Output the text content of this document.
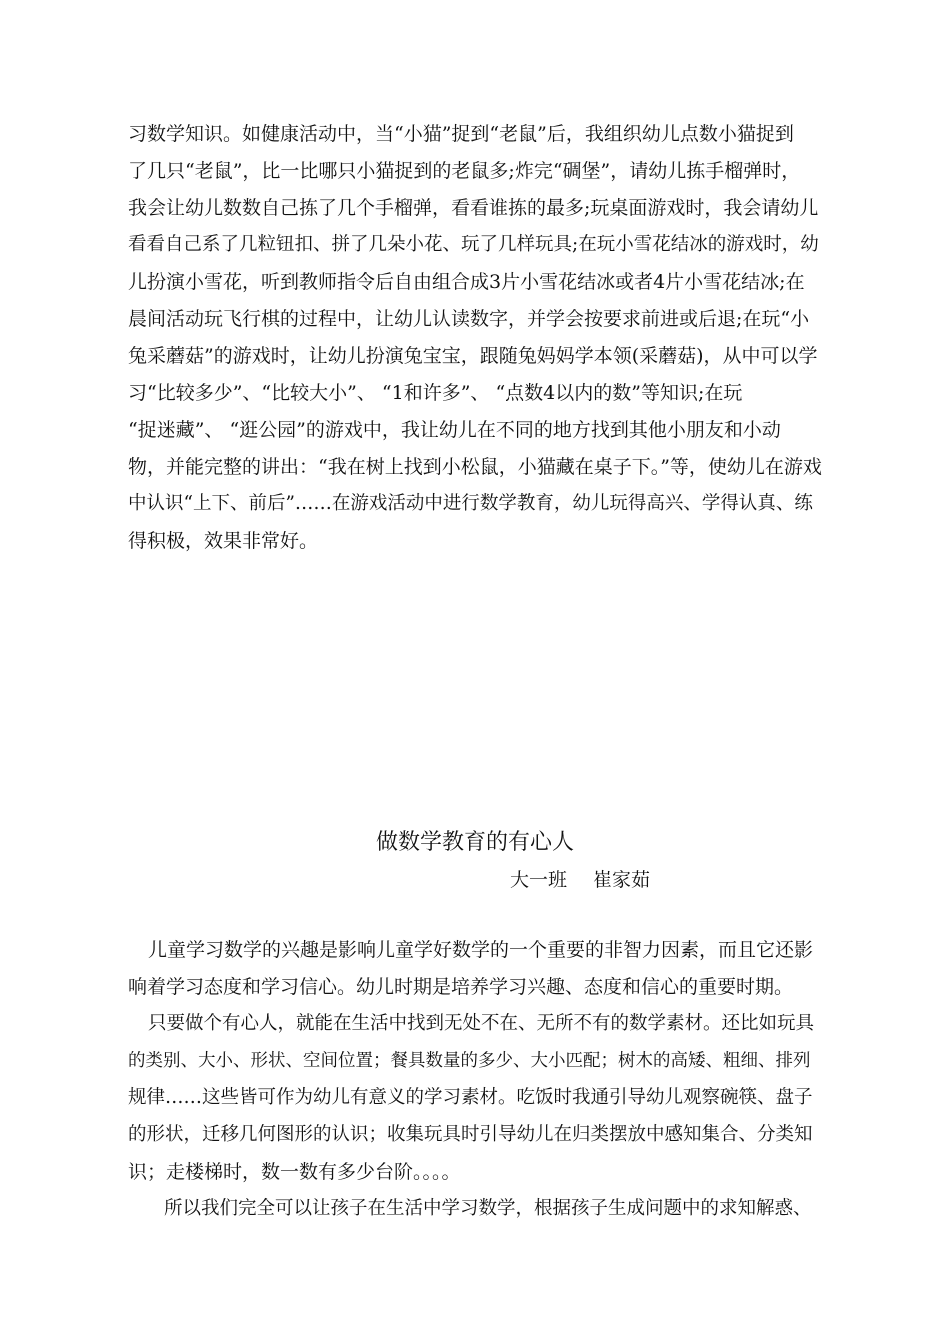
习数学知识。如健康活动中，当“小猫”捉到“老鼠”后，我组织幼儿点数小猫捉到
了几只“老鼠”，比一比哪只小猫捉到的老鼠多;炸完“碉堡”，请幼儿拣手榴弹时，
我会让幼儿数数自己拣了几个手榴弹，看看谁拣的最多;玩桌面游戏时，我会请幼儿
看看自己系了几粒钮扣、拼了几朵小花、玩了几样玩具;在玩小雪花结冰的游戏时，幼
儿扮演小雪花，听到教师指令后自由组合成3片小雪花结冰或者4片小雪花结冰;在
晨间活动玩飞行棋的过程中，让幼儿认读数字，并学会按要求前进或后退;在玩“小
兔采蘑菇”的游戏时，让幼儿扮演兔宝宝，跟随兔妈妈学本领(采蘑菇)，从中可以学
习“比较多少”、“比较大小”、 “1和许多”、 “点数4以内的数”等知识;在玩
“捉迷藏”、 “逛公园”的游戏中，我让幼儿在不同的地方找到其他小朋友和小动
物，并能完整的讲出：“我在树上找到小松鼠，小猫藏在桌子下。”等，使幼儿在游戏
中认识“上下、前后”……在游戏活动中进行数学教育，幼儿玩得高兴、学得认真、练
得积极，效果非常好。
做数学教育的有心人
大一班 崔家茹
儿童学习数学的兴趣是影响儿童学好数学的一个重要的非智力因素，而且它还影
响着学习态度和学习信心。幼儿时期是培养学习兴趣、态度和信心的重要时期。
只要做个有心人，就能在生活中找到无处不在、无所不有的数学素材。还比如玩具
的类别、大小、形状、空间位置；餐具数量的多少、大小匹配；树木的高矮、粗细、排列
规律……这些皆可作为幼儿有意义的学习素材。吃饭时我通引导幼儿观察碗筷、盘子
的形状，迁移几何图形的认识；收集玩具时引导幼儿在归类摆放中感知集合、分类知
识；走楼梯时，数一数有多少台阶。。。。
所以我们完全可以让孩子在生活中学习数学，根据孩子生成问题中的求知解惑、
